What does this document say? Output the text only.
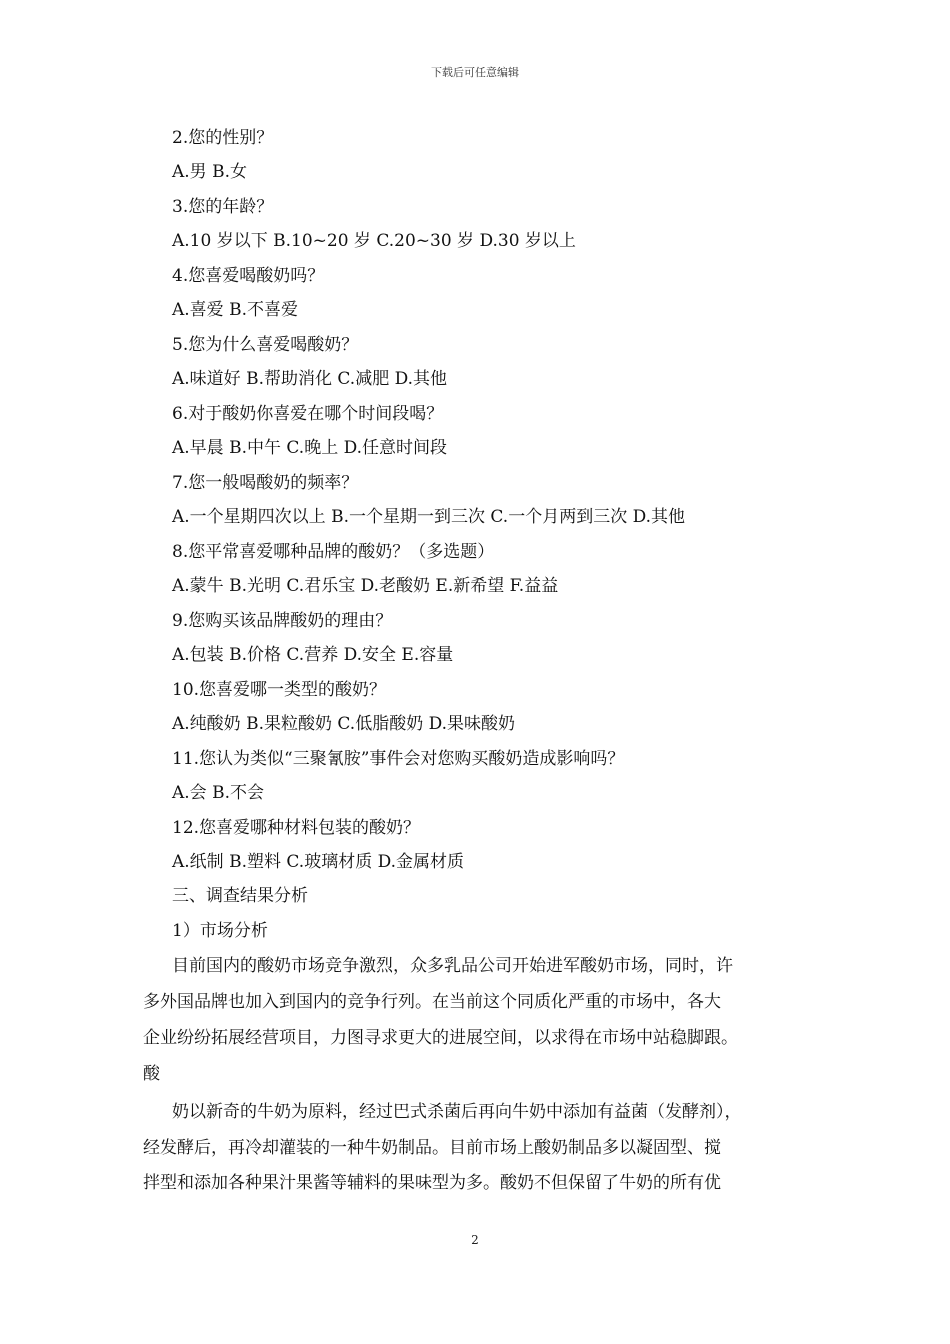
下载后可任意编辑
2.您的性别？
A.男 B.女
3.您的年龄？
A.10 岁以下 B.10~20 岁 C.20~30 岁 D.30 岁以上
4.您喜爱喝酸奶吗？
A.喜爱 B.不喜爱
5.您为什么喜爱喝酸奶？
A.味道好 B.帮助消化 C.减肥 D.其他
6.对于酸奶你喜爱在哪个时间段喝？
A.早晨 B.中午 C.晚上 D.任意时间段
7.您一般喝酸奶的频率？
A.一个星期四次以上 B.一个星期一到三次 C.一个月两到三次 D.其他
8.您平常喜爱哪种品牌的酸奶？（多选题）
A.蒙牛 B.光明 C.君乐宝 D.老酸奶 E.新希望 F.益益
9.您购买该品牌酸奶的理由？
A.包装 B.价格 C.营养 D.安全 E.容量
10.您喜爱哪一类型的酸奶？
A.纯酸奶 B.果粒酸奶 C.低脂酸奶 D.果味酸奶
11.您认为类似“三聚氰胺”事件会对您购买酸奶造成影响吗？
A.会 B.不会
12.您喜爱哪种材料包装的酸奶？
A.纸制 B.塑料 C.玻璃材质 D.金属材质
三、调查结果分析
1）市场分析
目前国内的酸奶市场竞争激烈，众多乳品公司开始进军酸奶市场，同时，许
多外国品牌也加入到国内的竞争行列。在当前这个同质化严重的市场中，各大
企业纷纷拓展经营项目，力图寻求更大的进展空间，以求得在市场中站稳脚跟。
酸
奶以新奇的牛奶为原料，经过巴式杀菌后再向牛奶中添加有益菌（发酵剂），
经发酵后，再冷却灌装的一种牛奶制品。目前市场上酸奶制品多以凝固型、搅
拌型和添加各种果汁果酱等辅料的果味型为多。酸奶不但保留了牛奶的所有优
2
